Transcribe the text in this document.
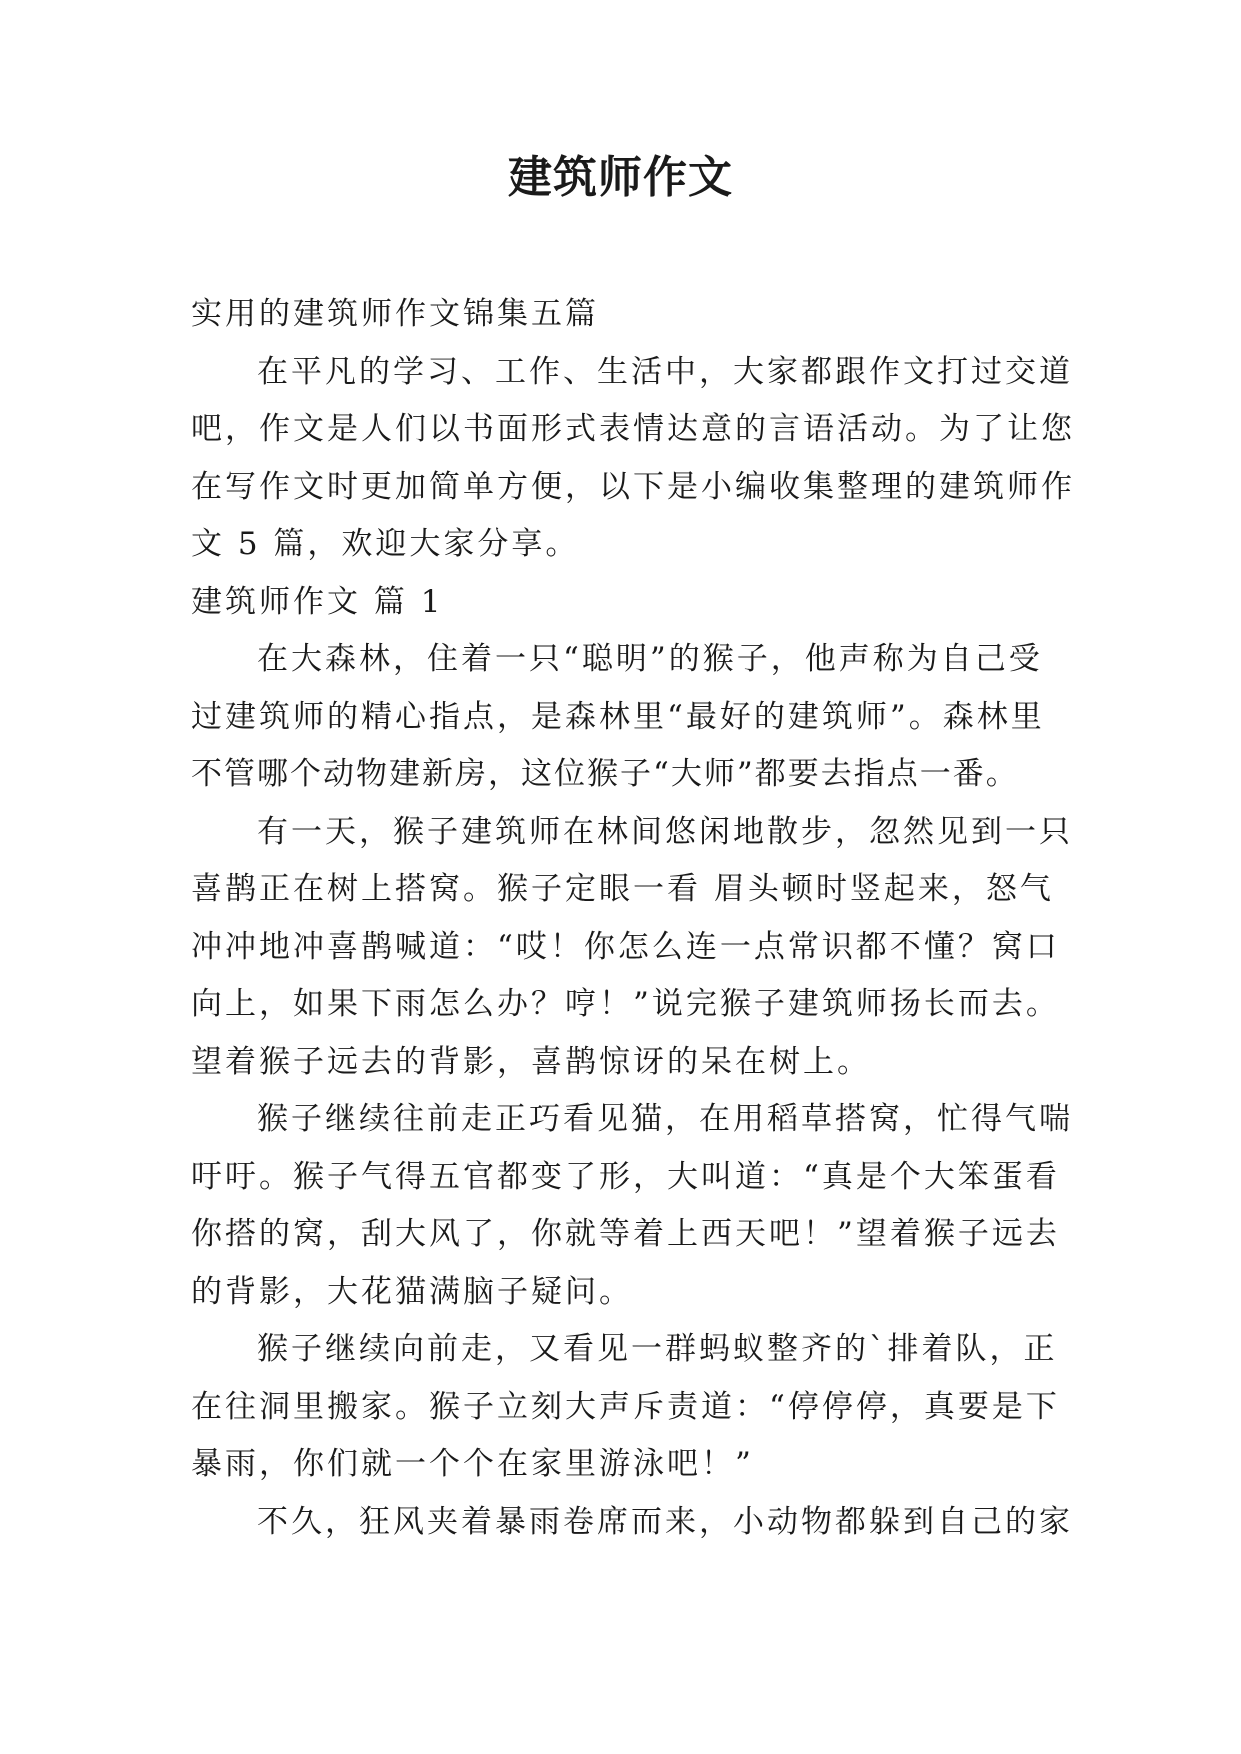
建筑师作文

实用的建筑师作文锦集五篇

在平凡的学习、工作、生活中，大家都跟作文打过交道

吧，作文是人们以书面形式表情达意的言语活动。为了让您

在写作文时更加简单方便，以下是小编收集整理的建筑师作

文 5 篇，欢迎大家分享。

建筑师作文 篇 1

在大森林，住着一只“聪明”的猴子，他声称为自己受

过建筑师的精心指点，是森林里“最好的建筑师”。森林里

不管哪个动物建新房，这位猴子“大师”都要去指点一番。

有一天，猴子建筑师在林间悠闲地散步，忽然见到一只

喜鹊正在树上搭窝。猴子定眼一看 眉头顿时竖起来，怒气

冲冲地冲喜鹊喊道：“哎！你怎么连一点常识都不懂？窝口

向上，如果下雨怎么办？哼！”说完猴子建筑师扬长而去。

望着猴子远去的背影，喜鹊惊讶的呆在树上。

猴子继续往前走正巧看见猫，在用稻草搭窝，忙得气喘

吁吁。猴子气得五官都变了形，大叫道：“真是个大笨蛋看

你搭的窝，刮大风了，你就等着上西天吧！”望着猴子远去

的背影，大花猫满脑子疑问。

猴子继续向前走，又看见一群蚂蚁整齐的`排着队，正

在往洞里搬家。猴子立刻大声斥责道：“停停停，真要是下

暴雨，你们就一个个在家里游泳吧！”

不久，狂风夹着暴雨卷席而来，小动物都躲到自己的家
